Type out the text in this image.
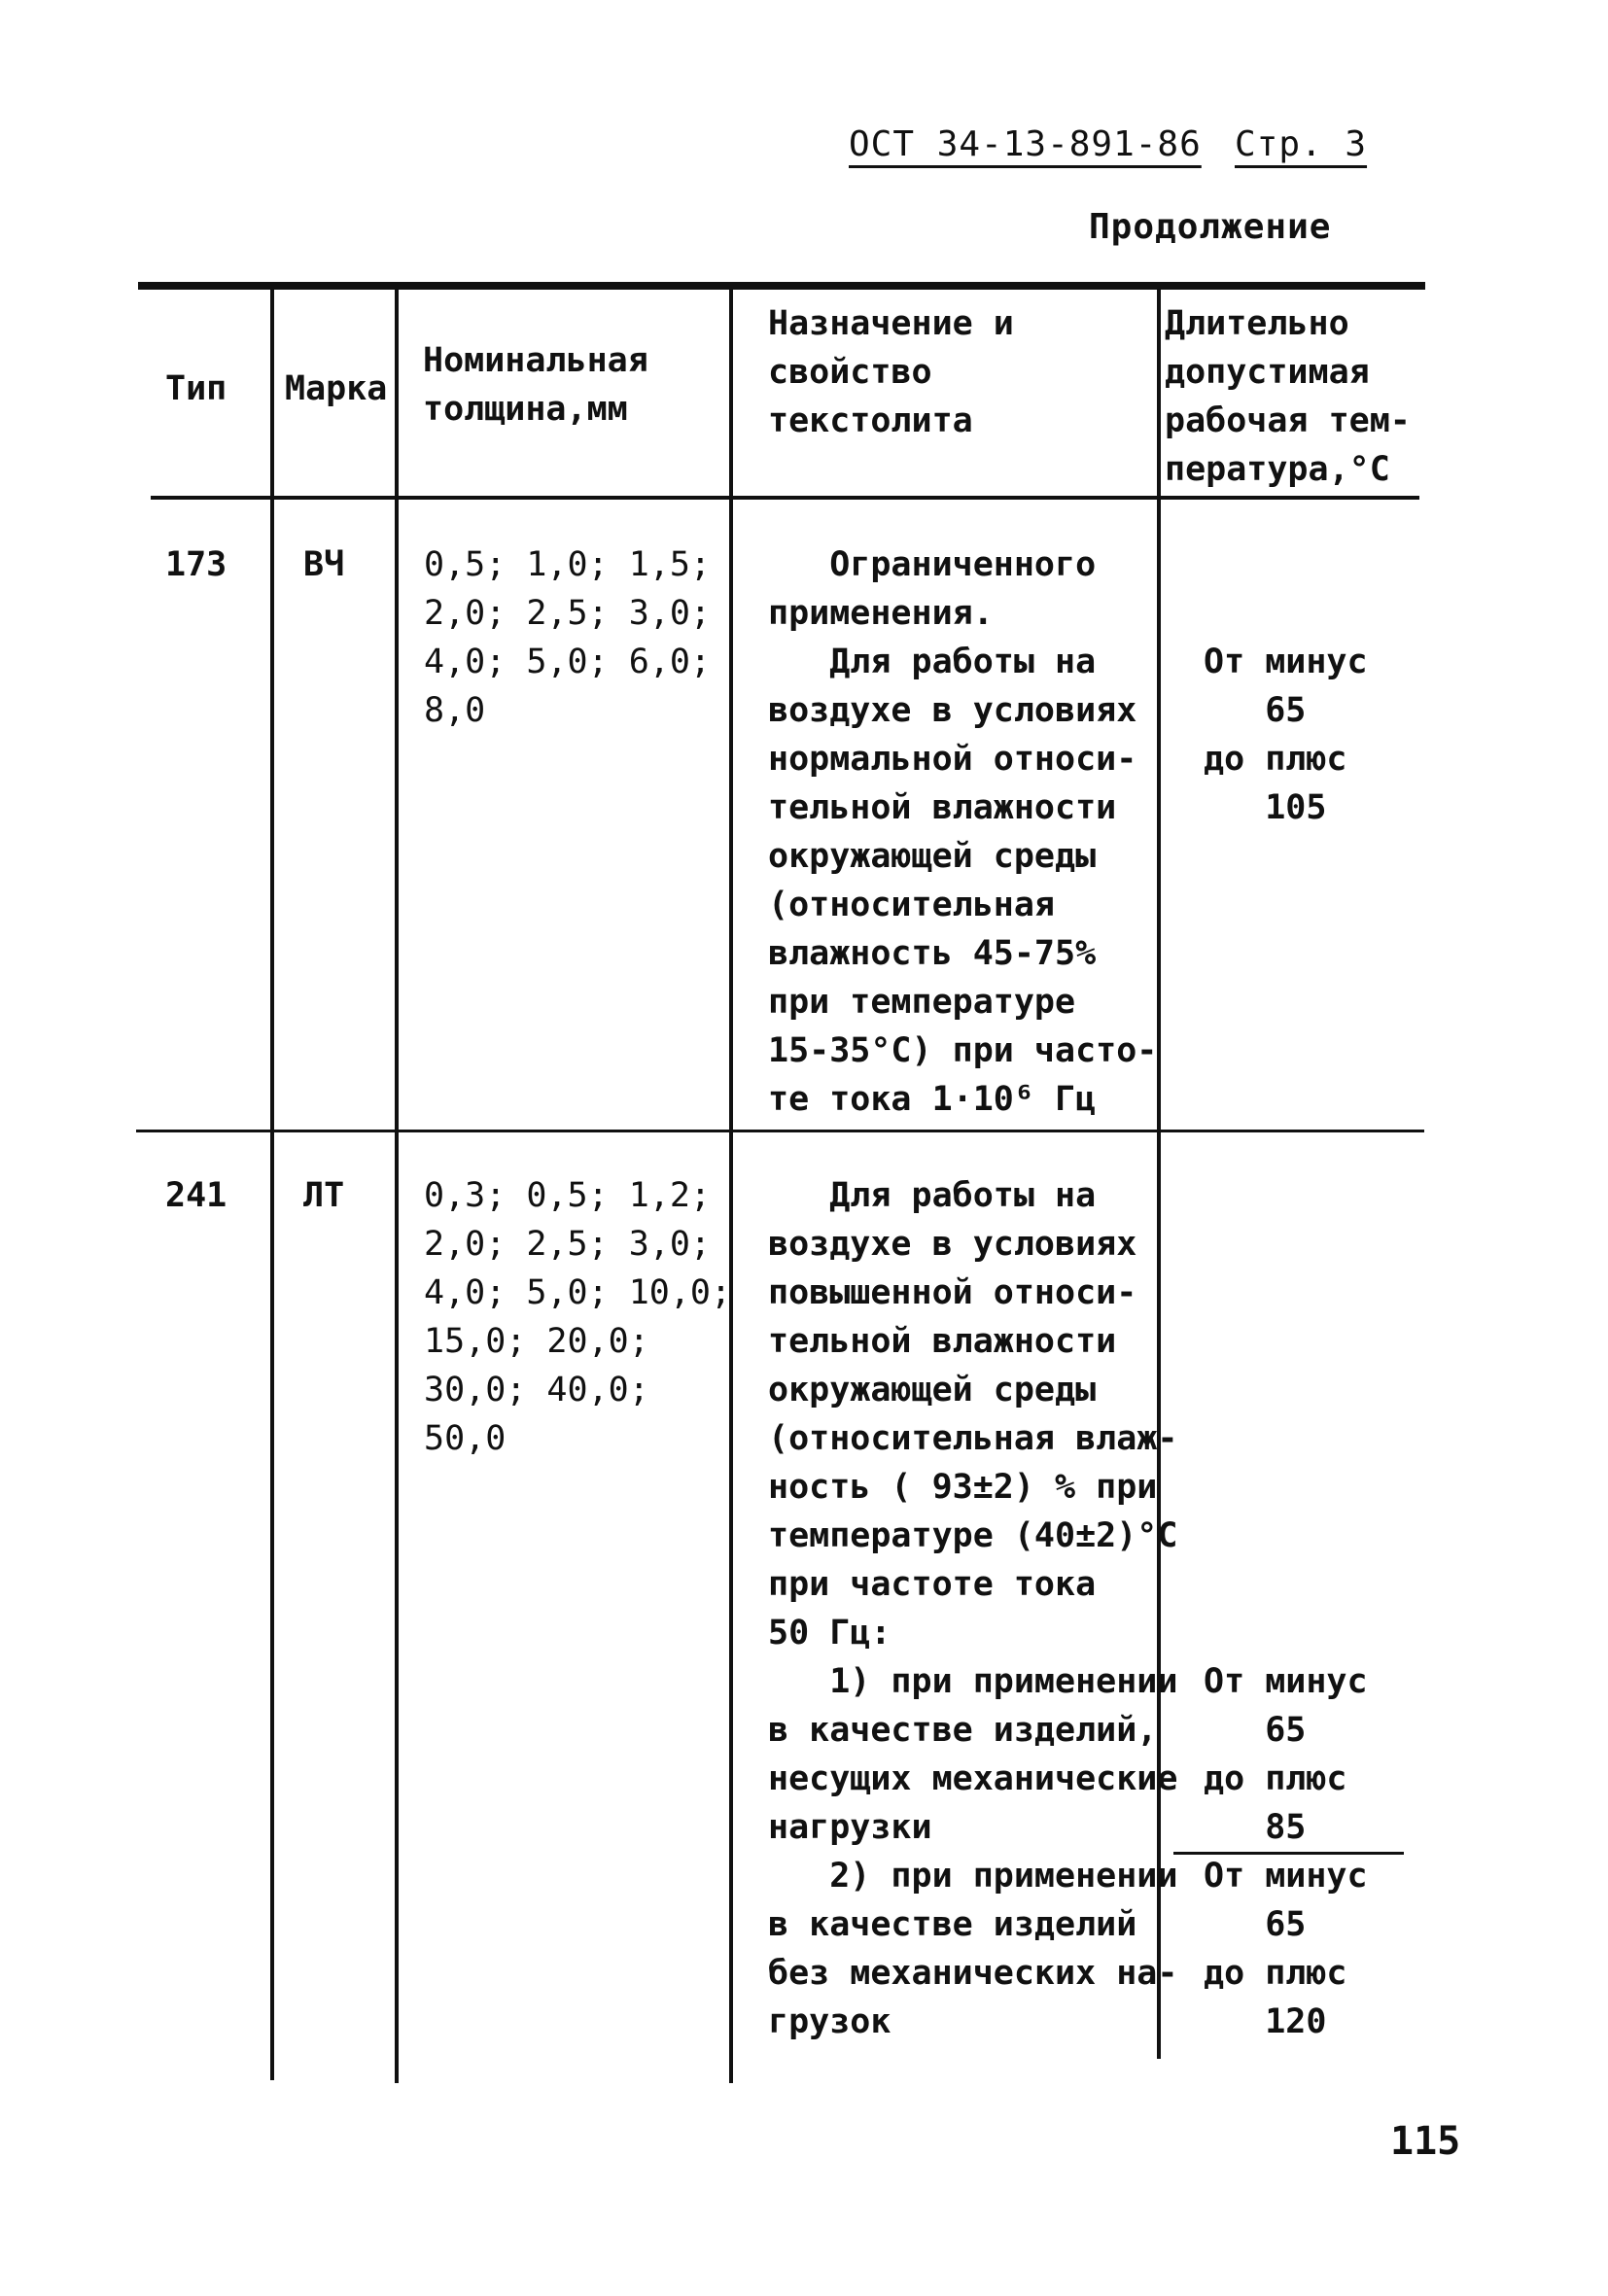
ОСТ 34-13-891-86 Стр. 3
Продолжение
Тип Марка
Номинальная
толщина,мм
Назначение и
свойство
текстолита
Длительно
допустимая
рабочая тем-
пература,°С
173 ВЧ 0,5; 1,0; 1,5;
2,0; 2,5; 3,0;
4,0; 5,0; 6,0;
8,0
Ограниченного
применения.
Для работы на
воздухе в условиях
нормальной относи-
тельной влажности
окружающей среды
(относительная
влажность 45-75%
при температуре
15-35°С) при часто-
те тока 1·10⁶ Гц
От минус
65
до плюс
105
241 ЛТ 0,3; 0,5; 1,2;
2,0; 2,5; 3,0;
4,0; 5,0; 10,0;
15,0; 20,0;
30,0; 40,0;
50,0
Для работы на
воздухе в условиях
повышенной относи-
тельной влажности
окружающей среды
(относительная влаж-
ность ( 93±2) % при
температуре (40±2)°С
при частоте тока
50 Гц:
1) при применении
в качестве изделий,
несущих механические
нагрузки
От минус
65
до плюс
85
2) при применении
в качестве изделий
без механических на-
грузок
От минус
65
до плюс
120
115
